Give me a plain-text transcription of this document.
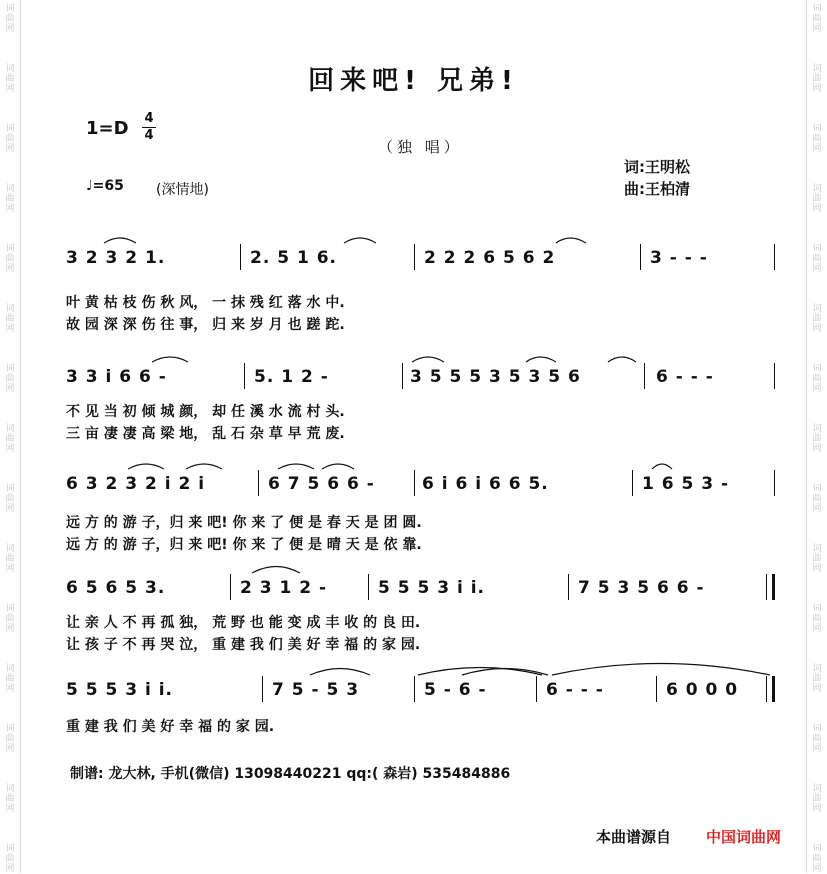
词
曲
网
词
曲
网
词
曲
网
词
曲
网
词
曲
网
词
曲
网
词
曲
网
词
曲
网
词
曲
网
词
曲
网
词
曲
网
词
曲
网
词
曲
网
词
曲
网
词
曲
网
词
曲
网
词
曲
网
词
曲
网
词
曲
网
词
曲
网
词
曲
网
词
曲
网
词
曲
网
词
曲
网
词
曲
网
词
曲
网
词
曲
网
词
曲
网
词
曲
网
词
曲
网
回来吧! 兄弟!
1=D 4
4
（独 唱）
词:王明松
曲:王柏清
♩=65 (深情地)
3 2 3 2 1.	2. 5 1 6.	2 2 2 6 5 6 2	3 - - -
叶 黄 枯 枝 伤 秋 风， 一 抹 残 红 落 水 中.
故 园 深 深 伤 往 事， 归 来 岁 月 也 蹉 跎.
3 3 i 6 6 -	5. 1 2 -	3 5 5 5 3 5 3 5 6	6 - - -
不 见 当 初 倾 城 颜， 却 任 溪 水 流 村 头.
三 亩 凄 凄 高 梁 地， 乱 石 杂 草 早 荒 废.
6 3 2 3 2 i 2 i	6 7 5 6 6 -	6 i 6 i 6 6 5.	1 6 5 3 -
远 方 的 游 子，归 来 吧! 你 来 了 便 是 春 天 是 团 圆.
远 方 的 游 子，归 来 吧! 你 来 了 便 是 晴 天 是 依 靠.
6 5 6 5 3.	2 3 1 2 -	5 5 5 3 i i.	7 5 3 5 6 6 -
让 亲 人 不 再 孤 独， 荒 野 也 能 变 成 丰 收 的 良 田.
让 孩 子 不 再 哭 泣， 重 建 我 们 美 好 幸 福 的 家 园.
5 5 5 3 i i.	7 5 - 5 3	5 - 6 -	6 - - -	6 0 0 0
重 建 我 们 美 好 幸 福 的 家 园.
制谱: 龙大林, 手机(微信) 13098440221 qq:( 森岩) 535484886
本曲谱源自 中国词曲网
